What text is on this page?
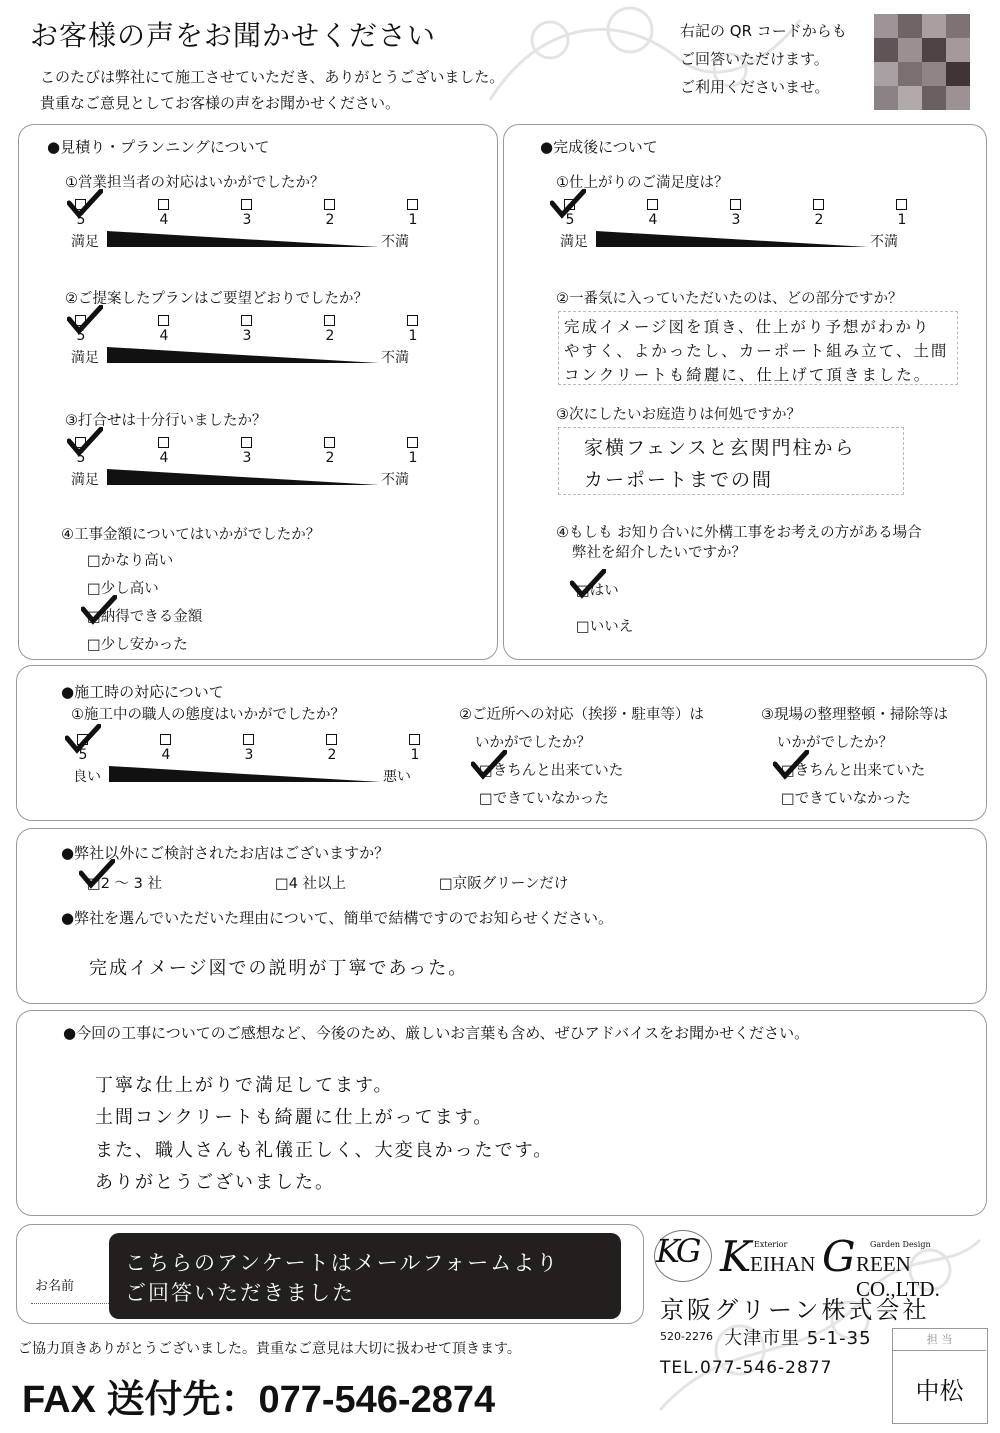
お客様の声をお聞かせください
このたびは弊社にて施工させていただき、ありがとうございました。
貴重なご意見としてお客様の声をお聞かせください。
右記の QR コードからも
ご回答いただけます。
ご利用くださいませ。
●見積り・プランニングについて
①営業担当者の対応はいかがでしたか？
5	4	3	2	1
満足	不満
②ご提案したプランはご要望どおりでしたか？
5	4	3	2	1
満足	不満
③打合せは十分行いましたか？
5	4	3	2	1
満足	不満
④工事金額についてはいかがでしたか？
□かなり高い
□少し高い
□納得できる金額
□少し安かった
●完成後について
①仕上がりのご満足度は？
5	4	3	2	1
満足	不満
②一番気に入っていただいたのは、どの部分ですか？
完成イメージ図を頂き、仕上がり予想がわかり
やすく、よかったし、カーポート組み立て、土間
コンクリートも綺麗に、仕上げて頂きました。
③次にしたいお庭造りは何処ですか？
家横フェンスと玄関門柱から
カーポートまでの間
④もしも お知り合いに外構工事をお考えの方がある場合
弊社を紹介したいですか？
□はい
□いいえ
●施工時の対応について
①施工中の職人の態度はいかがでしたか？
5	4	3	2	1
良い	悪い
②ご近所への対応（挨拶・駐車等）は
いかがでしたか？
□きちんと出来ていた
□できていなかった
③現場の整理整頓・掃除等は
いかがでしたか？
□きちんと出来ていた
□できていなかった
●弊社以外にご検討されたお店はございますか？
□2 ～ 3 社	□4 社以上	□京阪グリーンだけ
●弊社を選んでいただいた理由について、簡単で結構ですのでお知らせください。
完成イメージ図での説明が丁寧であった。
●今回の工事についてのご感想など、今後のため、厳しいお言葉も含め、ぜひアドバイスをお聞かせください。
丁寧な仕上がりで満足してます。
土間コンクリートも綺麗に仕上がってます。
また、職人さんも礼儀正しく、大変良かったです。
ありがとうございました。
お名前
こちらのアンケートはメールフォームより
ご回答いただきました
KG	Exterior	Garden Design
K
EIHAN G REEN CO.,LTD.
京阪グリーン株式会社
520-2276 大津市里 5-1-35
TEL.077-546-2877
担 当
中松
ご協力頂きありがとうございました。貴重なご意見は大切に扱わせて頂きます。
FAX 送付先：077-546-2874
